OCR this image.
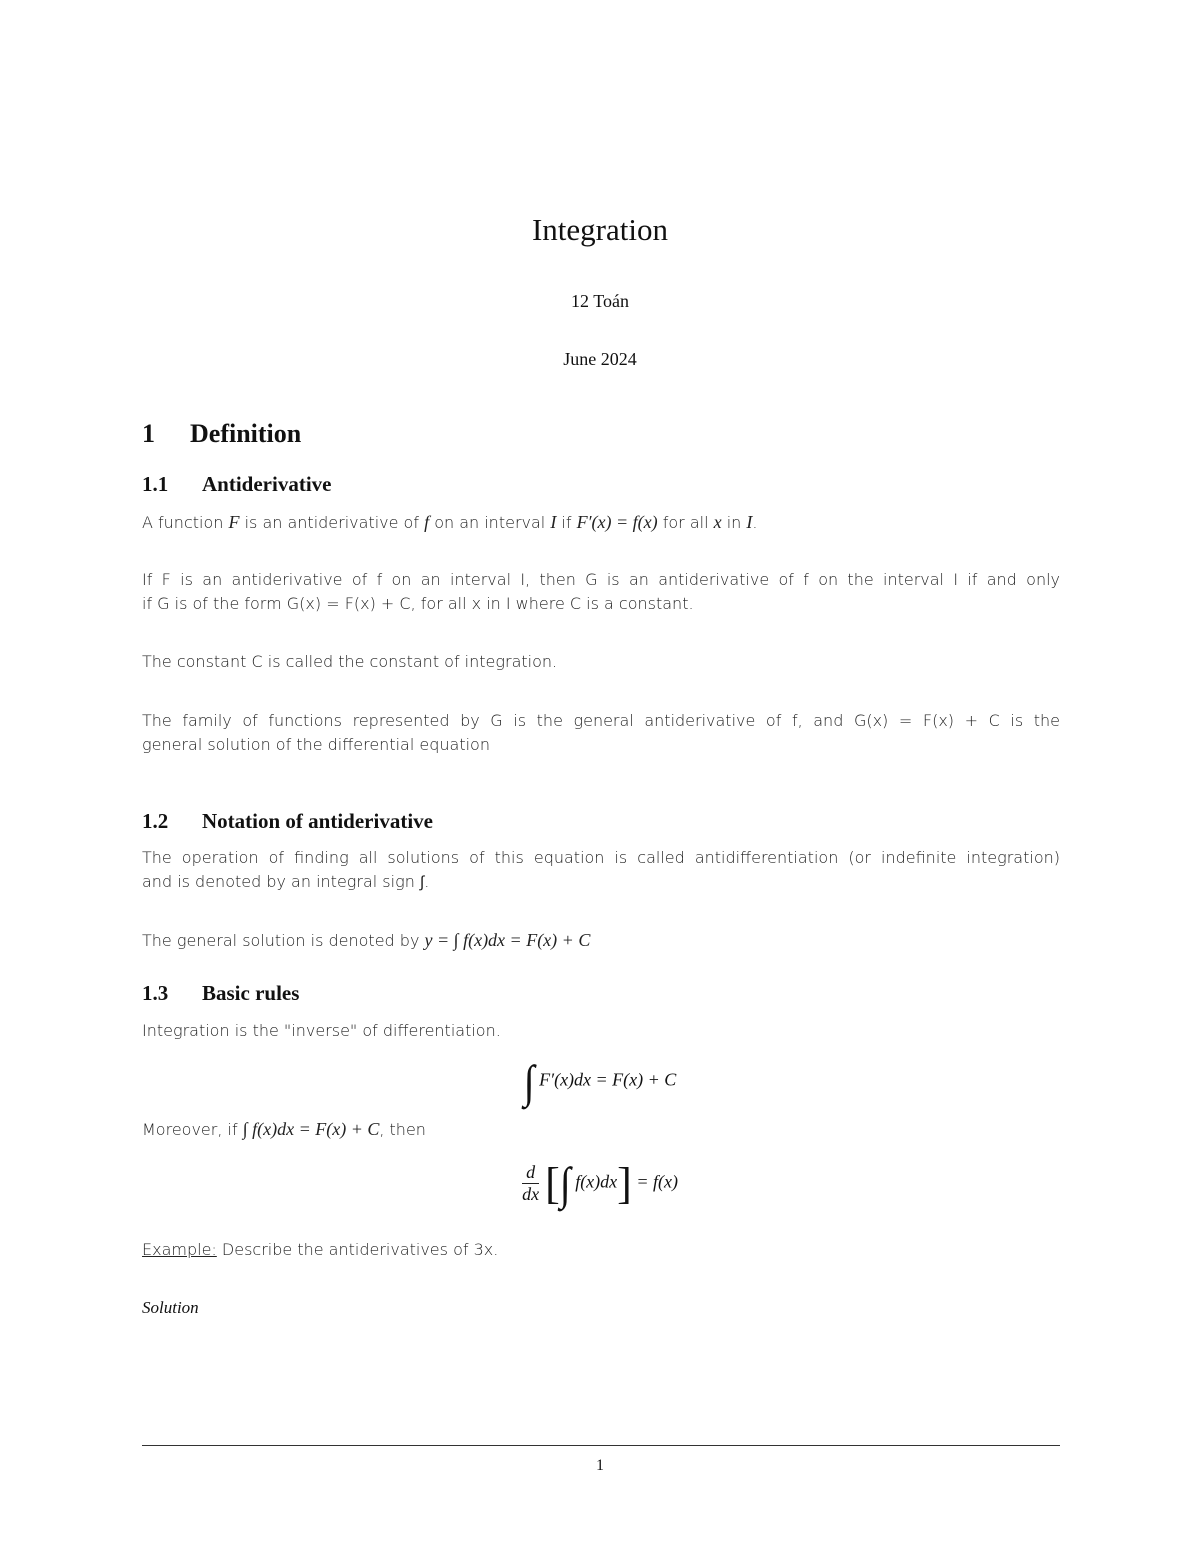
Integration
12 Toán
June 2024
1 Definition
1.1 Antiderivative
A function F is an antiderivative of f on an interval I if F′(x) = f(x) for all x in I.
If F is an antiderivative of f on an interval I, then G is an antiderivative of f on the interval I if and only
if G is of the form G(x) = F(x) + C, for all x in I where C is a constant.
The constant C is called the constant of integration.
The family of functions represented by G is the general antiderivative of f, and G(x) = F(x) + C is the
general solution of the differential equation
1.2 Notation of antiderivative
The operation of finding all solutions of this equation is called antidifferentiation (or indefinite integration)
and is denoted by an integral sign ∫.
The general solution is denoted by y = ∫ f(x)dx = F(x) + C
1.3 Basic rules
Integration is the "inverse" of differentiation.
∫ F′(x)dx = F(x) + C
Moreover, if ∫ f(x)dx = F(x) + C, then
$\frac{d}{dx}$ [∫ f(x)dx] = f(x)
Example: Describe the antiderivatives of 3x.
Solution
1
